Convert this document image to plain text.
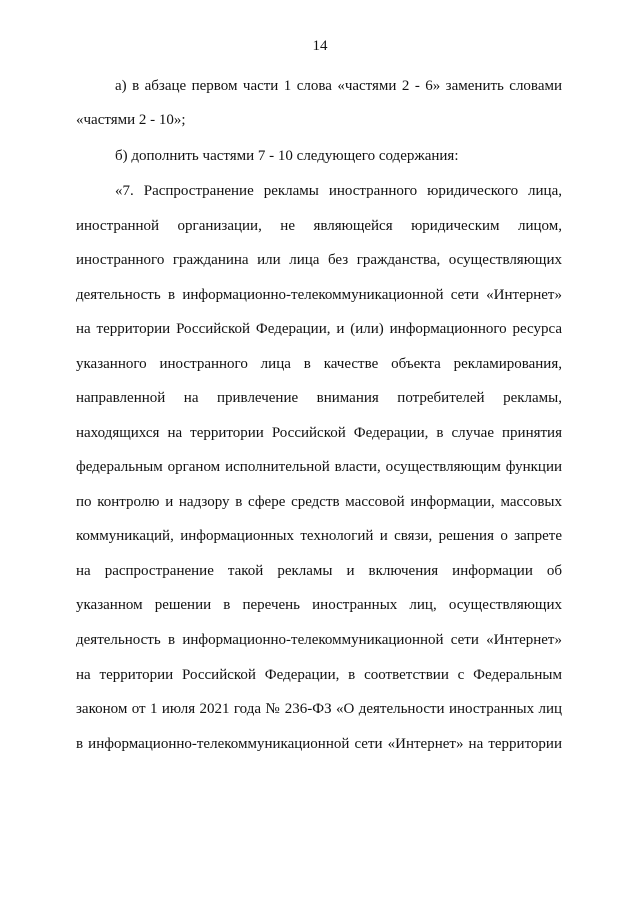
14
а) в абзаце первом части 1 слова «частями 2 - 6» заменить словами
«частями 2 - 10»;
б) дополнить частями 7 - 10 следующего содержания:
«7. Распространение рекламы иностранного юридического лица,
иностранной организации, не являющейся юридическим лицом,
иностранного гражданина или лица без гражданства, осуществляющих
деятельность в информационно-телекоммуникационной сети «Интернет»
на территории Российской Федерации, и (или) информационного ресурса
указанного иностранного лица в качестве объекта рекламирования,
направленной на привлечение внимания потребителей рекламы,
находящихся на территории Российской Федерации, в случае принятия
федеральным органом исполнительной власти, осуществляющим функции
по контролю и надзору в сфере средств массовой информации, массовых
коммуникаций, информационных технологий и связи, решения о запрете
на распространение такой рекламы и включения информации об
указанном решении в перечень иностранных лиц, осуществляющих
деятельность в информационно-телекоммуникационной сети «Интернет»
на территории Российской Федерации, в соответствии с Федеральным
законом от 1 июля 2021 года № 236-ФЗ «О деятельности иностранных лиц
в информационно-телекоммуникационной сети «Интернет» на территории
